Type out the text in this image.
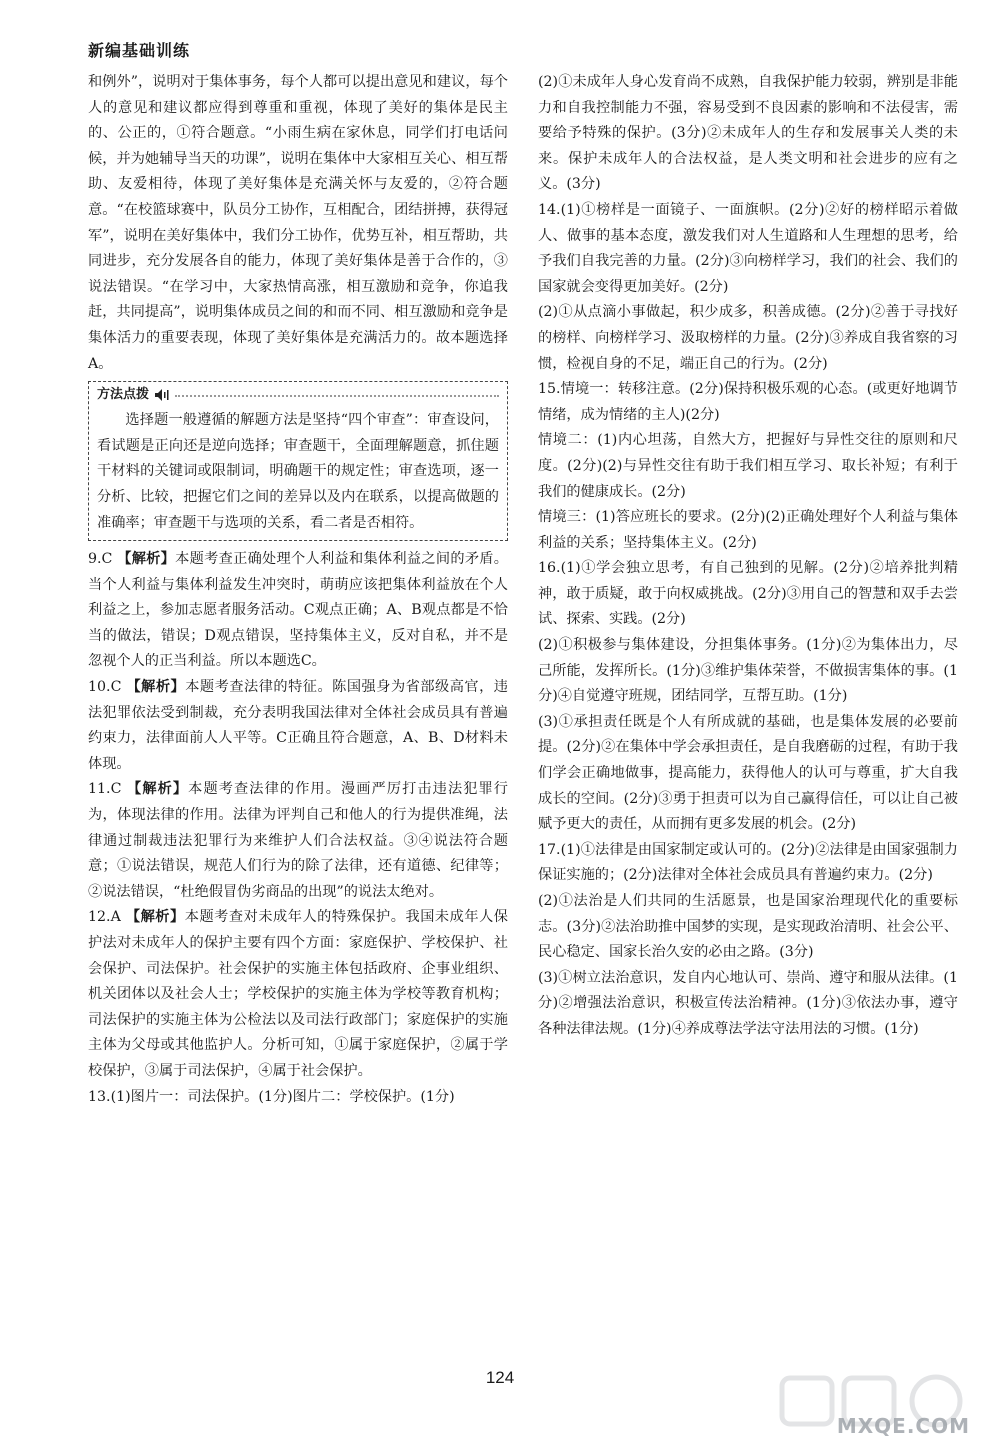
新编基础训练

和例外”，说明对于集体事务，每个人都可以提出意见和建议，每个人的意见和建议都应得到尊重和重视，体现了美好的集体是民主的、公正的，①符合题意。“小雨生病在家休息，同学们打电话问候，并为她辅导当天的功课”，说明在集体中大家相互关心、相互帮助、友爱相待，体现了美好集体是充满关怀与友爱的，②符合题意。“在校篮球赛中，队员分工协作，互相配合，团结拼搏，获得冠军”，说明在美好集体中，我们分工协作，优势互补，相互帮助，共同进步，充分发展各自的能力，体现了美好集体是善于合作的，③说法错误。“在学习中，大家热情高涨，相互激励和竞争，你追我赶，共同提高”，说明集体成员之间的和而不同、相互激励和竞争是集体活力的重要表现，体现了美好集体是充满活力的。故本题选择A。

方法点拨

选择题一般遵循的解题方法是坚持“四个审查”：审查设问，看试题是正向还是逆向选择；审查题干，全面理解题意，抓住题干材料的关键词或限制词，明确题干的规定性；审查选项，逐一分析、比较，把握它们之间的差异以及内在联系，以提高做题的准确率；审查题干与选项的关系，看二者是否相符。

9.C 【解析】本题考查正确处理个人利益和集体利益之间的矛盾。当个人利益与集体利益发生冲突时，萌萌应该把集体利益放在个人利益之上，参加志愿者服务活动。C观点正确；A、B观点都是不恰当的做法，错误；D观点错误，坚持集体主义，反对自私，并不是忽视个人的正当利益。所以本题选C。

10.C 【解析】本题考查法律的特征。陈国强身为省部级高官，违法犯罪依法受到制裁，充分表明我国法律对全体社会成员具有普遍约束力，法律面前人人平等。C正确且符合题意，A、B、D材料未体现。

11.C 【解析】本题考查法律的作用。漫画严厉打击违法犯罪行为，体现法律的作用。法律为评判自己和他人的行为提供准绳，法律通过制裁违法犯罪行为来维护人们合法权益。③④说法符合题意；①说法错误，规范人们行为的除了法律，还有道德、纪律等；②说法错误，“杜绝假冒伪劣商品的出现”的说法太绝对。

12.A 【解析】本题考查对未成年人的特殊保护。我国未成年人保护法对未成年人的保护主要有四个方面：家庭保护、学校保护、社会保护、司法保护。社会保护的实施主体包括政府、企事业组织、机关团体以及社会人士；学校保护的实施主体为学校等教育机构；司法保护的实施主体为公检法以及司法行政部门；家庭保护的实施主体为父母或其他监护人。分析可知，①属于家庭保护，②属于学校保护，③属于司法保护，④属于社会保护。

13.(1)图片一：司法保护。(1分)图片二：学校保护。(1分)

(2)①未成年人身心发育尚不成熟，自我保护能力较弱，辨别是非能力和自我控制能力不强，容易受到不良因素的影响和不法侵害，需要给予特殊的保护。(3分)②未成年人的生存和发展事关人类的未来。保护未成年人的合法权益，是人类文明和社会进步的应有之义。(3分)

14.(1)①榜样是一面镜子、一面旗帜。(2分)②好的榜样昭示着做人、做事的基本态度，激发我们对人生道路和人生理想的思考，给予我们自我完善的力量。(2分)③向榜样学习，我们的社会、我们的国家就会变得更加美好。(2分)

(2)①从点滴小事做起，积少成多，积善成德。(2分)②善于寻找好的榜样、向榜样学习、汲取榜样的力量。(2分)③养成自我省察的习惯，检视自身的不足，端正自己的行为。(2分)

15.情境一：转移注意。(2分)保持积极乐观的心态。(或更好地调节情绪，成为情绪的主人)(2分)

情境二：(1)内心坦荡，自然大方，把握好与异性交往的原则和尺度。(2分)(2)与异性交往有助于我们相互学习、取长补短；有利于我们的健康成长。(2分)

情境三：(1)答应班长的要求。(2分)(2)正确处理好个人利益与集体利益的关系；坚持集体主义。(2分)

16.(1)①学会独立思考，有自己独到的见解。(2分)②培养批判精神，敢于质疑，敢于向权威挑战。(2分)③用自己的智慧和双手去尝试、探索、实践。(2分)

(2)①积极参与集体建设，分担集体事务。(1分)②为集体出力，尽己所能，发挥所长。(1分)③维护集体荣誉，不做损害集体的事。(1分)④自觉遵守班规，团结同学，互帮互助。(1分)

(3)①承担责任既是个人有所成就的基础，也是集体发展的必要前提。(2分)②在集体中学会承担责任，是自我磨砺的过程，有助于我们学会正确地做事，提高能力，获得他人的认可与尊重，扩大自我成长的空间。(2分)③勇于担责可以为自己赢得信任，可以让自己被赋予更大的责任，从而拥有更多发展的机会。(2分)

17.(1)①法律是由国家制定或认可的。(2分)②法律是由国家强制力保证实施的；(2分)法律对全体社会成员具有普遍约束力。(2分)

(2)①法治是人们共同的生活愿景，也是国家治理现代化的重要标志。(3分)②法治助推中国梦的实现，是实现政治清明、社会公平、民心稳定、国家长治久安的必由之路。(3分)

(3)①树立法治意识，发自内心地认可、崇尚、遵守和服从法律。(1分)②增强法治意识，积极宣传法治精神。(1分)③依法办事，遵守各种法律法规。(1分)④养成尊法学法守法用法的习惯。(1分)

124
MXQE.COM
